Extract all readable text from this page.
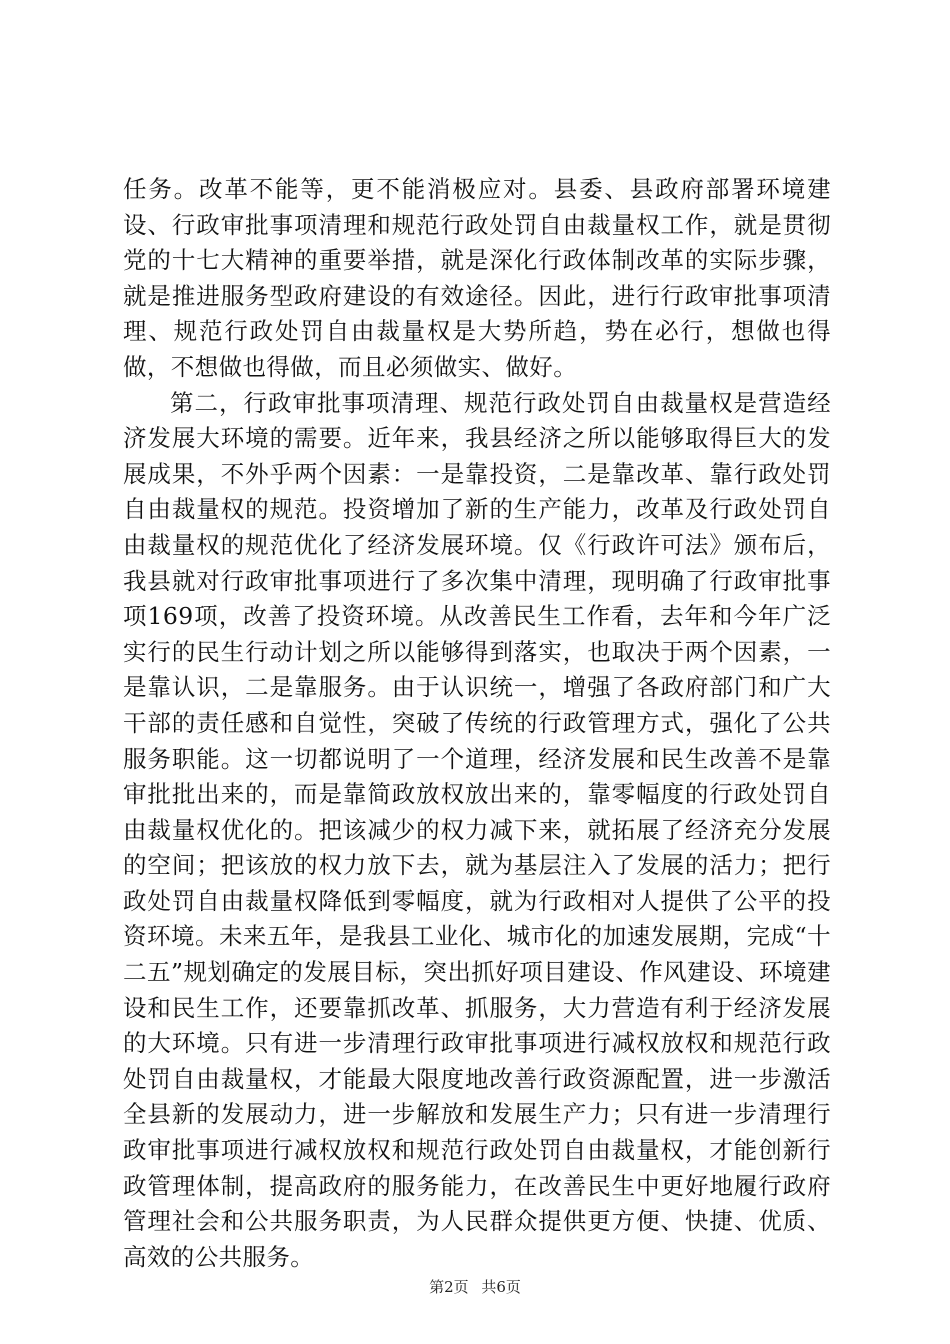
任务。改革不能等，更不能消极应对。县委、县政府部署环境建设、行政审批事项清理和规范行政处罚自由裁量权工作，就是贯彻党的十七大精神的重要举措，就是深化行政体制改革的实际步骤，就是推进服务型政府建设的有效途径。因此，进行行政审批事项清理、规范行政处罚自由裁量权是大势所趋，势在必行，想做也得做，不想做也得做，而且必须做实、做好。

第二，行政审批事项清理、规范行政处罚自由裁量权是营造经济发展大环境的需要。近年来，我县经济之所以能够取得巨大的发展成果，不外乎两个因素：一是靠投资，二是靠改革、靠行政处罚自由裁量权的规范。投资增加了新的生产能力，改革及行政处罚自由裁量权的规范优化了经济发展环境。仅《行政许可法》颁布后，我县就对行政审批事项进行了多次集中清理，现明确了行政审批事项169项，改善了投资环境。从改善民生工作看，去年和今年广泛实行的民生行动计划之所以能够得到落实，也取决于两个因素，一是靠认识，二是靠服务。由于认识统一，增强了各政府部门和广大干部的责任感和自觉性，突破了传统的行政管理方式，强化了公共服务职能。这一切都说明了一个道理，经济发展和民生改善不是靠审批批出来的，而是靠简政放权放出来的，靠零幅度的行政处罚自由裁量权优化的。把该减少的权力减下来，就拓展了经济充分发展的空间；把该放的权力放下去，就为基层注入了发展的活力；把行政处罚自由裁量权降低到零幅度，就为行政相对人提供了公平的投资环境。未来五年，是我县工业化、城市化的加速发展期，完成“十二五”规划确定的发展目标，突出抓好项目建设、作风建设、环境建设和民生工作，还要靠抓改革、抓服务，大力营造有利于经济发展的大环境。只有进一步清理行政审批事项进行减权放权和规范行政处罚自由裁量权，才能最大限度地改善行政资源配置，进一步激活全县新的发展动力，进一步解放和发展生产力；只有进一步清理行政审批事项进行减权放权和规范行政处罚自由裁量权，才能创新行政管理体制，提高政府的服务能力，在改善民生中更好地履行政府管理社会和公共服务职责，为人民群众提供更方便、快捷、优质、高效的公共服务。

第2页 共6页
